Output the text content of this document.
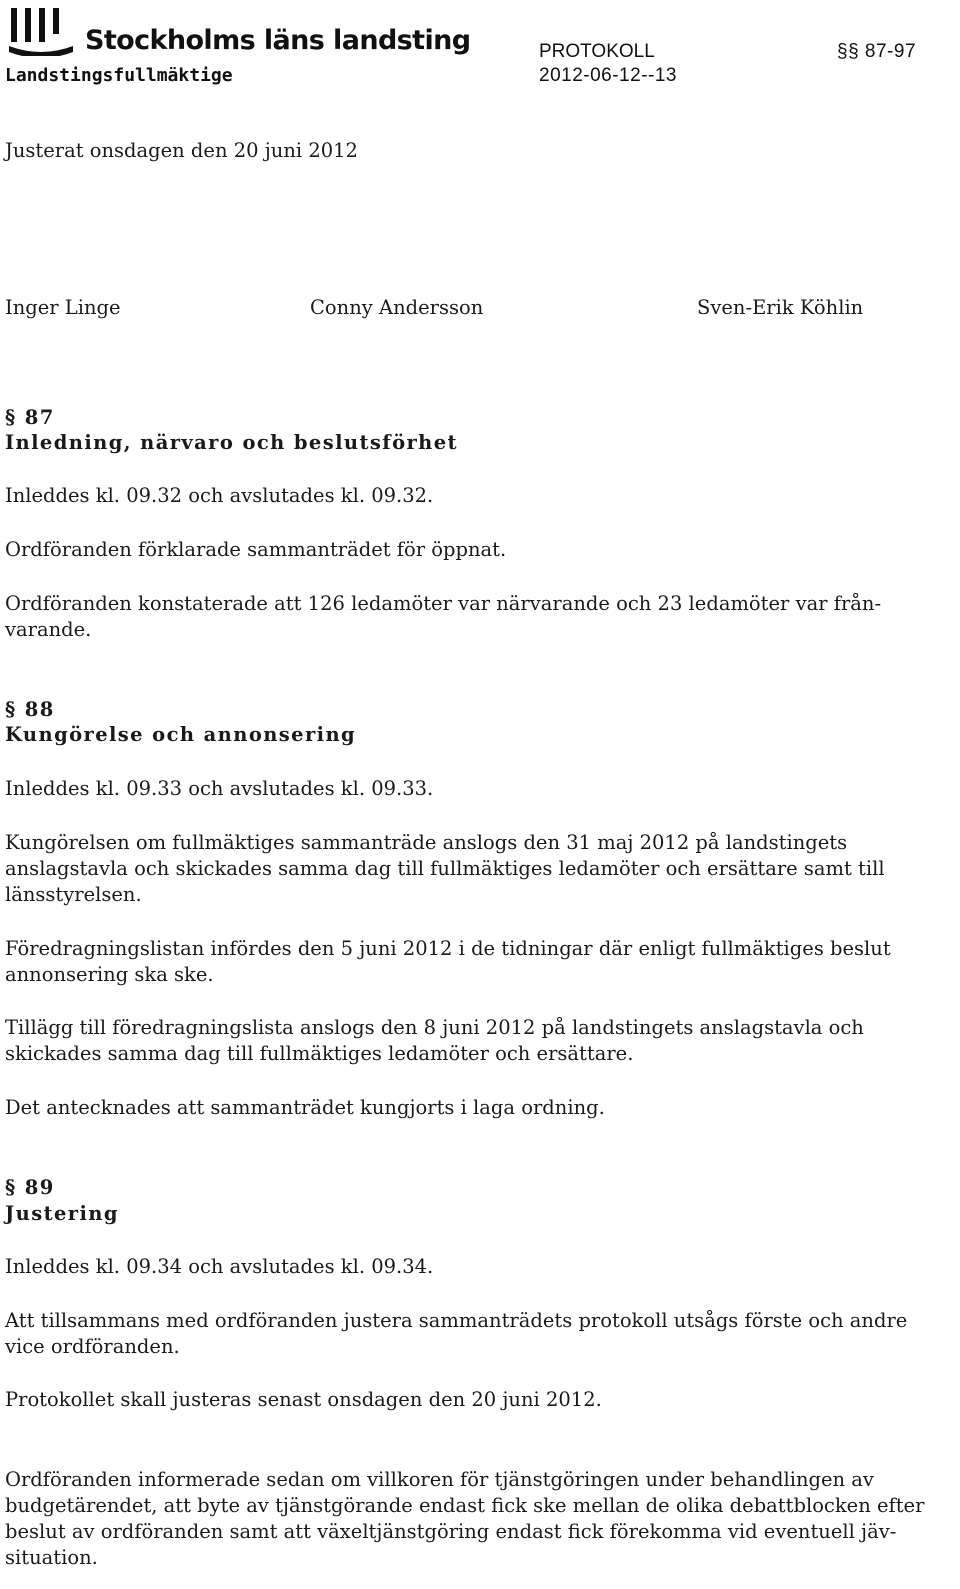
Stockholms läns landsting
Landstingsfullmäktige
PROTOKOLL
2012-06-12--13
§§ 87-97
Justerat onsdagen den 20 juni 2012
Inger Linge	Conny Andersson	Sven-Erik Köhlin
§ 87
Inledning, närvaro och beslutsförhet
Inleddes kl. 09.32 och avslutades kl. 09.32.
Ordföranden förklarade sammanträdet för öppnat.
Ordföranden konstaterade att 126 ledamöter var närvarande och 23 ledamöter var från-
varande.
§ 88
Kungörelse och annonsering
Inleddes kl. 09.33 och avslutades kl. 09.33.
Kungörelsen om fullmäktiges sammanträde anslogs den 31 maj 2012 på landstingets
anslagstavla och skickades samma dag till fullmäktiges ledamöter och ersättare samt till
länsstyrelsen.
Föredragningslistan infördes den 5 juni 2012 i de tidningar där enligt fullmäktiges beslut
annonsering ska ske.
Tillägg till föredragningslista anslogs den 8 juni 2012 på landstingets anslagstavla och
skickades samma dag till fullmäktiges ledamöter och ersättare.
Det antecknades att sammanträdet kungjorts i laga ordning.
§ 89
Justering
Inleddes kl. 09.34 och avslutades kl. 09.34.
Att tillsammans med ordföranden justera sammanträdets protokoll utsågs förste och andre
vice ordföranden.
Protokollet skall justeras senast onsdagen den 20 juni 2012.
Ordföranden informerade sedan om villkoren för tjänstgöringen under behandlingen av
budgetärendet, att byte av tjänstgörande endast fick ske mellan de olika debattblocken efter
beslut av ordföranden samt att växeltjänstgöring endast fick förekomma vid eventuell jäv-
situation.
